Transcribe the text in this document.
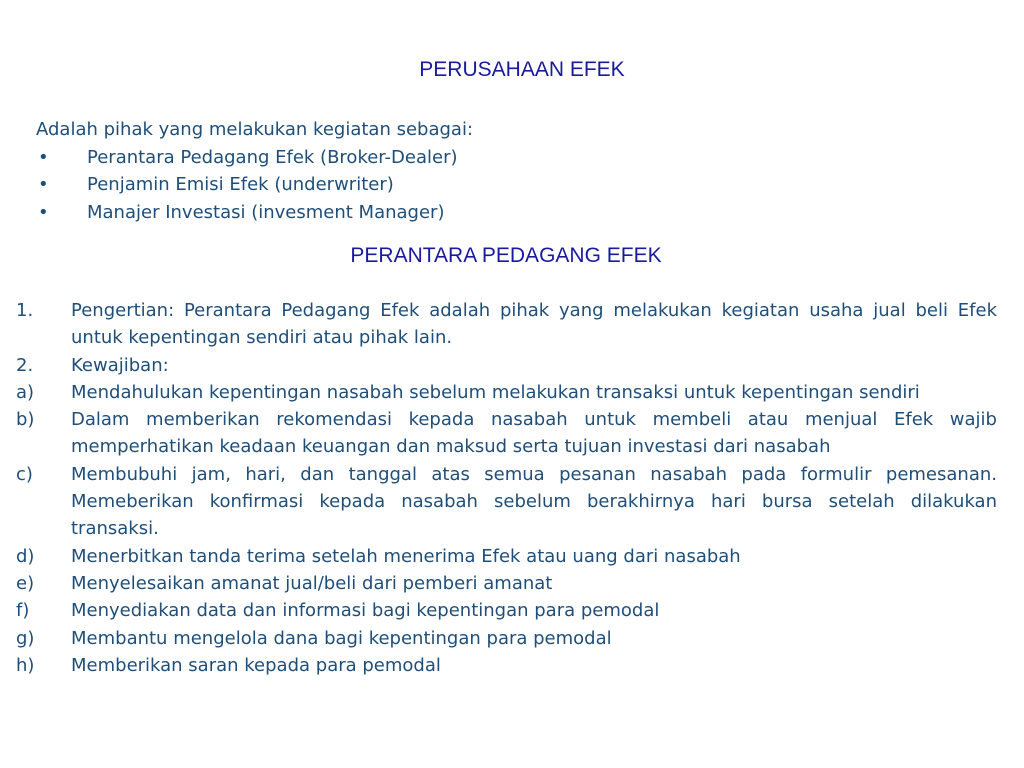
PERUSAHAAN EFEK
Adalah pihak yang melakukan kegiatan sebagai:
• Perantara Pedagang Efek (Broker-Dealer)
• Penjamin Emisi Efek (underwriter)
• Manajer Investasi (invesment Manager)
PERANTARA PEDAGANG EFEK
1. Pengertian: Perantara Pedagang Efek adalah pihak yang melakukan kegiatan usaha jual beli Efek untuk kepentingan sendiri atau pihak lain.
2. Kewajiban:
a) Mendahulukan kepentingan nasabah sebelum melakukan transaksi untuk kepentingan sendiri
b) Dalam memberikan rekomendasi kepada nasabah untuk membeli atau menjual Efek wajib memperhatikan keadaan keuangan dan maksud serta tujuan investasi dari nasabah
c) Membubuhi jam, hari, dan tanggal atas semua pesanan nasabah pada formulir pemesanan. Memeberikan konfirmasi kepada nasabah sebelum berakhirnya hari bursa setelah dilakukan transaksi.
d) Menerbitkan tanda terima setelah menerima Efek atau uang dari nasabah
e) Menyelesaikan amanat jual/beli dari pemberi amanat
f) Menyediakan data dan informasi bagi kepentingan para pemodal
g) Membantu mengelola dana bagi kepentingan para pemodal
h) Memberikan saran kepada para pemodal
